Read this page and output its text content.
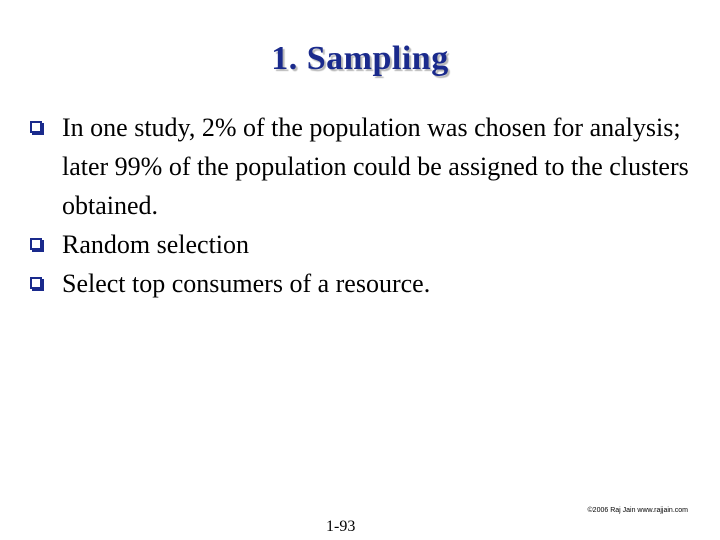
1. Sampling
In one study, 2% of the population was chosen for analysis; later 99% of the population could be assigned to the clusters obtained.
Random selection
Select top consumers of a resource.
©2006 Raj Jain www.rajjain.com
1-93
